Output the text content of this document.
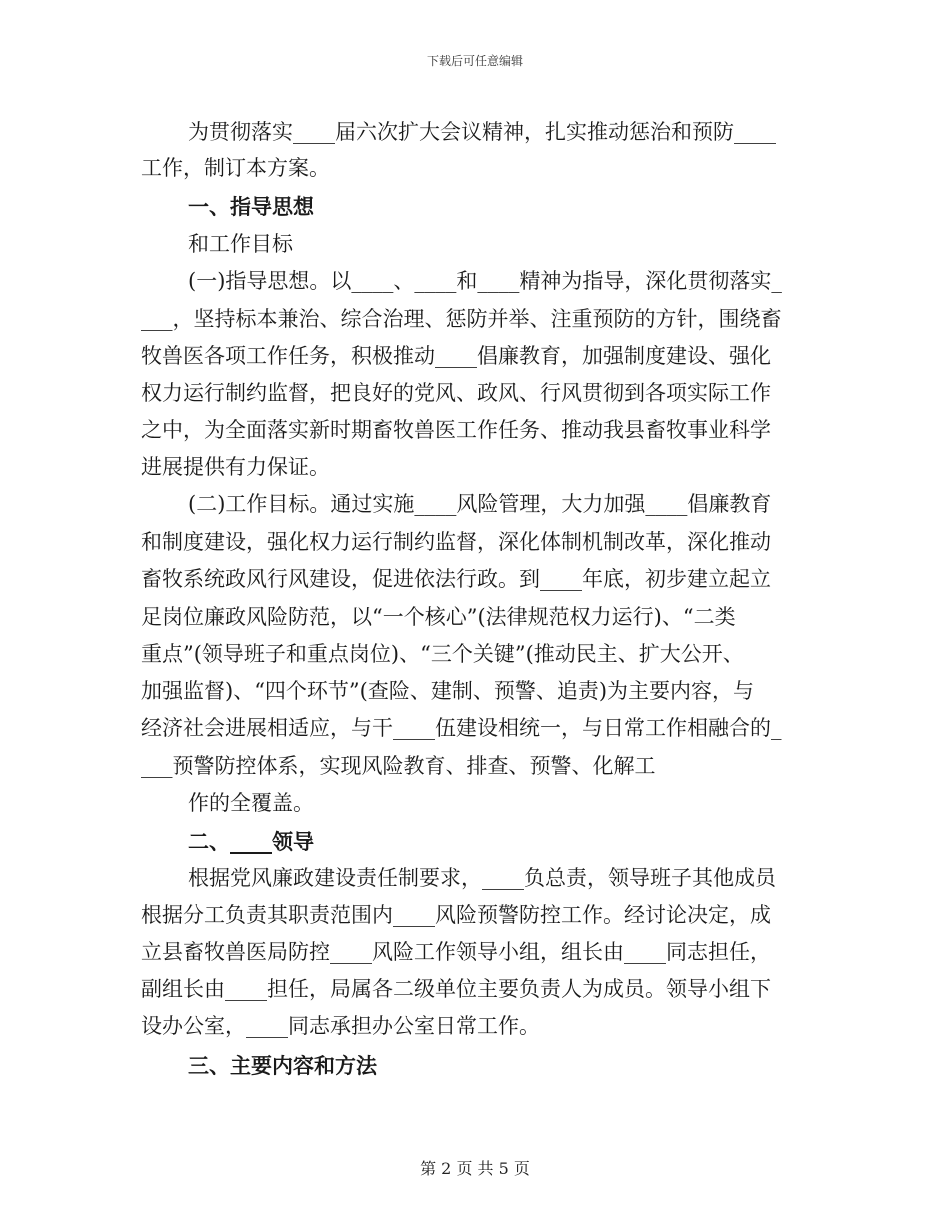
下载后可任意编辑
为贯彻落实____届六次扩大会议精神，扎实推动惩治和预防____
工作，制订本方案。
一、指导思想
和工作目标
(一)指导思想。以____、____和____精神为指导，深化贯彻落实_
___，坚持标本兼治、综合治理、惩防并举、注重预防的方针，围绕畜
牧兽医各项工作任务，积极推动____倡廉教育，加强制度建设、强化
权力运行制约监督，把良好的党风、政风、行风贯彻到各项实际工作
之中，为全面落实新时期畜牧兽医工作任务、推动我县畜牧事业科学
进展提供有力保证。
(二)工作目标。通过实施____风险管理，大力加强____倡廉教育
和制度建设，强化权力运行制约监督，深化体制机制改革，深化推动
畜牧系统政风行风建设，促进依法行政。到____年底，初步建立起立
足岗位廉政风险防范，以“一个核心”(法律规范权力运行)、“二类
重点”(领导班子和重点岗位)、“三个关键”(推动民主、扩大公开、
加强监督)、“四个环节”(查险、建制、预警、追责)为主要内容，与
经济社会进展相适应，与干____伍建设相统一，与日常工作相融合的_
___预警防控体系，实现风险教育、排查、预警、化解工
作的全覆盖。
二、____领导
根据党风廉政建设责任制要求，____负总责，领导班子其他成员
根据分工负责其职责范围内____风险预警防控工作。经讨论决定，成
立县畜牧兽医局防控____风险工作领导小组，组长由____同志担任，
副组长由____担任，局属各二级单位主要负责人为成员。领导小组下
设办公室，____同志承担办公室日常工作。
三、主要内容和方法
第 2 页 共 5 页
